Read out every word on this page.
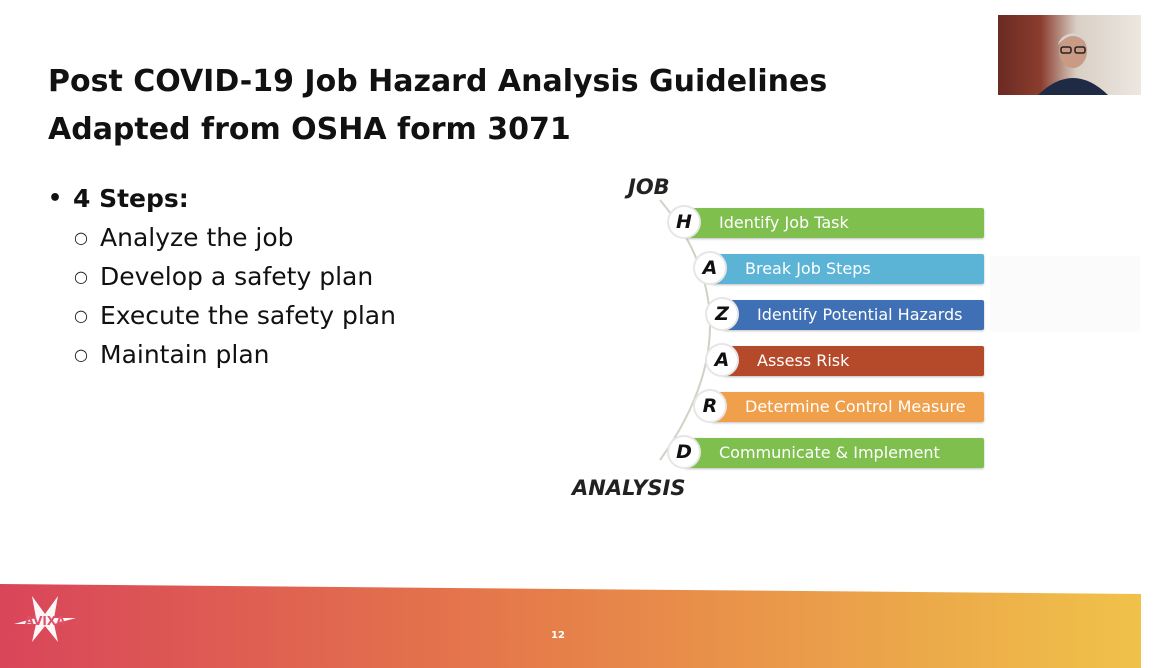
Post COVID-19 Job Hazard Analysis Guidelines
Adapted from OSHA form 3071
• 4 Steps:
○ Analyze the job
○ Develop a safety plan
○ Execute the safety plan
○ Maintain plan
JOB
H	Identify Job Task
A	Break Job Steps
Z	Identify Potential Hazards
A	Assess Risk
R	Determine Control Measure
D	Communicate & Implement
ANALYSIS
AVIXA
12
